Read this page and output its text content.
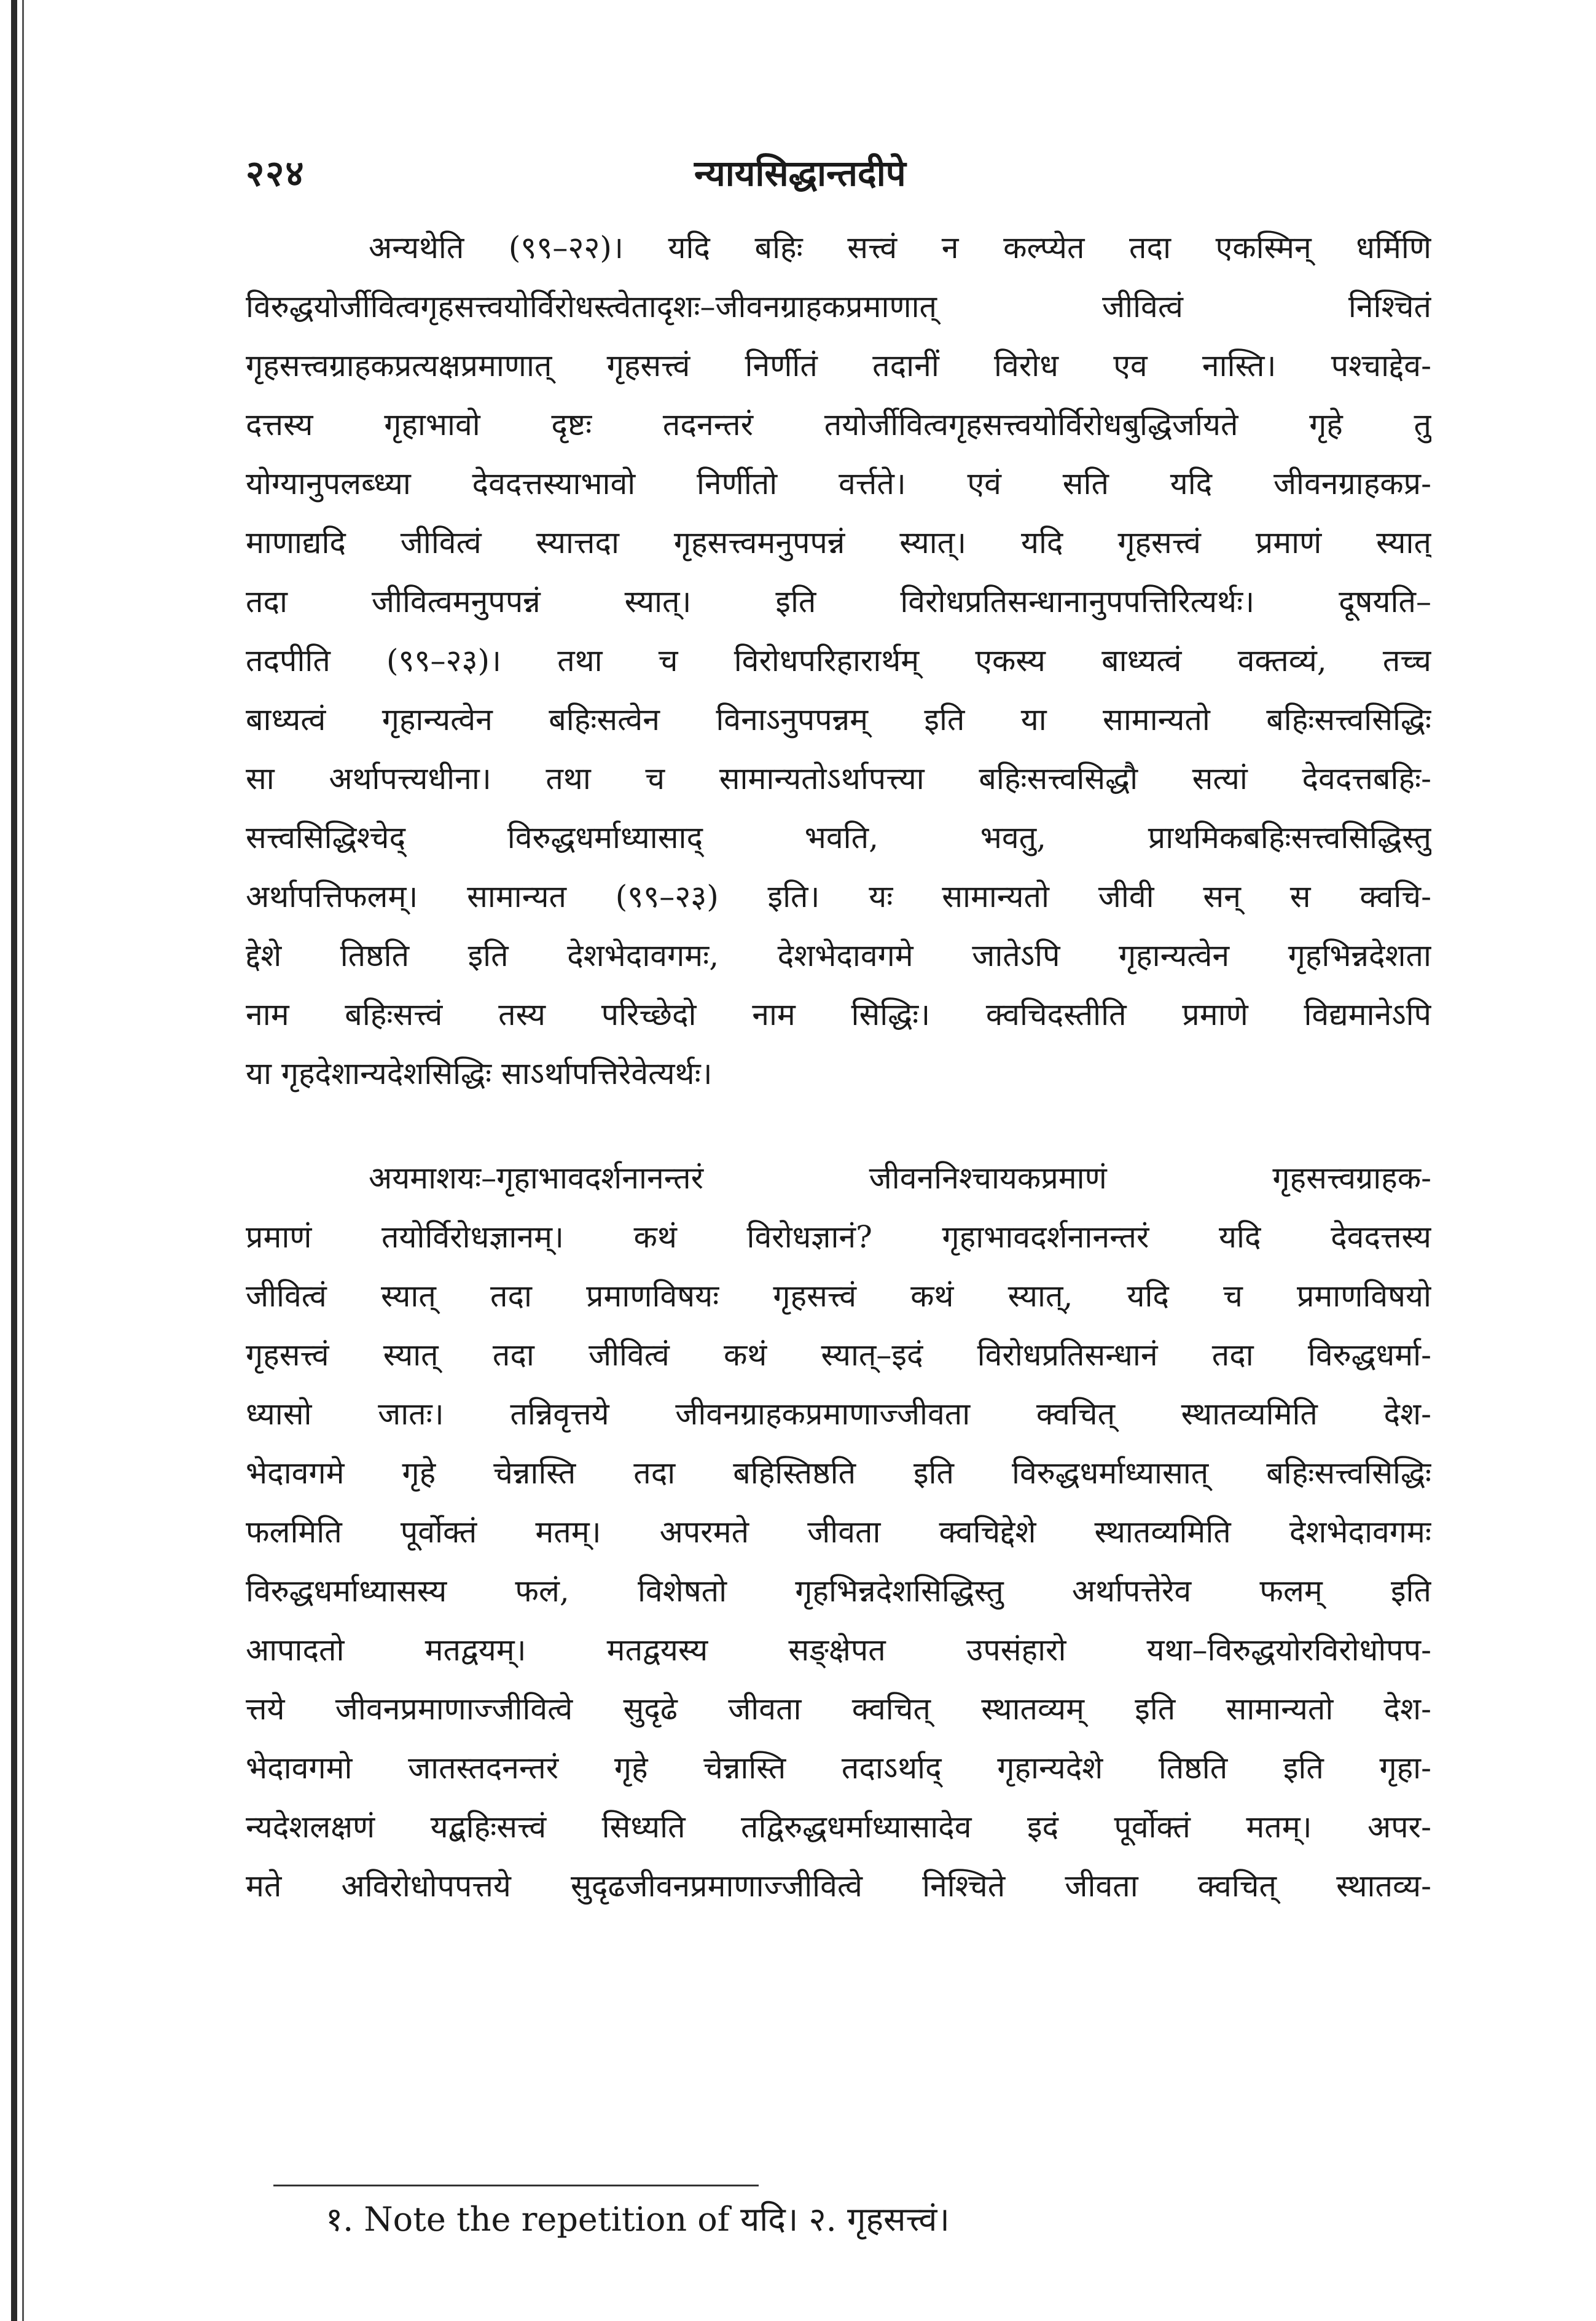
२२४	न्यायसिद्धान्तदीपे
अन्यथेति (९९–२२)। यदि बहिः सत्त्वं न कल्प्येत तदा एकस्मिन् धर्मिणि
विरुद्धयोर्जीवित्वगृहसत्त्वयोर्विरोधस्त्वेतादृशः–जीवनग्राहकप्रमाणात् जीवित्वं निश्चितं
गृहसत्त्वग्राहकप्रत्यक्षप्रमाणात् गृहसत्त्वं निर्णीतं तदानीं विरोध एव नास्ति। पश्चाद्देव-
दत्तस्य गृहाभावो दृष्टः तदनन्तरं तयोर्जीवित्वगृहसत्त्वयोर्विरोधबुद्धिर्जायते गृहे तु
योग्यानुपलब्ध्या देवदत्तस्याभावो निर्णीतो वर्त्तते। एवं सति यदि जीवनग्राहकप्र-
माणाद्यदि जीवित्वं स्यात्तदा गृहसत्त्वमनुपपन्नं स्यात्। यदि गृहसत्त्वं प्रमाणं स्यात्
तदा जीवित्वमनुपपन्नं स्यात्। इति विरोधप्रतिसन्धानानुपपत्तिरित्यर्थः। दूषयति–
तदपीति (९९–२३)। तथा च विरोधपरिहारार्थम् एकस्य बाध्यत्वं वक्तव्यं, तच्च
बाध्यत्वं गृहान्यत्वेन बहिःसत्वेन विनाऽनुपपन्नम् इति या सामान्यतो बहिःसत्त्वसिद्धिः
सा अर्थापत्त्यधीना। तथा च सामान्यतोऽर्थापत्त्या बहिःसत्त्वसिद्धौ सत्यां देवदत्तबहिः-
सत्त्वसिद्धिश्चेद् विरुद्धधर्माध्यासाद् भवति, भवतु, प्राथमिकबहिःसत्त्वसिद्धिस्तु
अर्थापत्तिफलम्। सामान्यत (९९–२३) इति। यः सामान्यतो जीवी सन् स क्वचि-
द्देशे तिष्ठति इति देशभेदावगमः, देशभेदावगमे जातेऽपि गृहान्यत्वेन गृहभिन्नदेशता
नाम बहिःसत्त्वं तस्य परिच्छेदो नाम सिद्धिः। क्वचिदस्तीति प्रमाणे विद्यमानेऽपि
या गृहदेशान्यदेशसिद्धिः साऽर्थापत्तिरेवेत्यर्थः।
अयमाशयः–गृहाभावदर्शनानन्तरं जीवननिश्चायकप्रमाणं गृहसत्त्वग्राहक-
प्रमाणं तयोर्विरोधज्ञानम्। कथं विरोधज्ञानं? गृहाभावदर्शनानन्तरं यदि देवदत्तस्य
जीवित्वं स्यात् तदा प्रमाणविषयः गृहसत्त्वं कथं स्यात्, यदि च प्रमाणविषयो
गृहसत्त्वं स्यात् तदा जीवित्वं कथं स्यात्–इदं विरोधप्रतिसन्धानं तदा विरुद्धधर्मा-
ध्यासो जातः। तन्निवृत्तये जीवनग्राहकप्रमाणाज्जीवता क्वचित् स्थातव्यमिति देश-
भेदावगमे गृहे चेन्नास्ति तदा बहिस्तिष्ठति इति विरुद्धधर्माध्यासात् बहिःसत्त्वसिद्धिः
फलमिति पूर्वोक्तं मतम्। अपरमते जीवता क्वचिद्देशे स्थातव्यमिति देशभेदावगमः
विरुद्धधर्माध्यासस्य फलं, विशेषतो गृहभिन्नदेशसिद्धिस्तु अर्थापत्तेरेव फलम् इति
आपादतो मतद्वयम्। मतद्वयस्य सङ्क्षेपत उपसंहारो यथा–विरुद्धयोरविरोधोपप-
त्तये जीवनप्रमाणाज्जीवित्वे सुदृढे जीवता क्वचित् स्थातव्यम् इति सामान्यतो देश-
भेदावगमो जातस्तदनन्तरं गृहे चेन्नास्ति तदाऽर्थाद् गृहान्यदेशे तिष्ठति इति गृहा-
न्यदेशलक्षणं यद्बहिःसत्त्वं सिध्यति तद्विरुद्धधर्माध्यासादेव इदं पूर्वोक्तं मतम्। अपर-
मते अविरोधोपपत्तये सुदृढजीवनप्रमाणाज्जीवित्वे निश्चिते जीवता क्वचित् स्थातव्य-
१. Note the repetition of यदि। २. गृहसत्त्वं।
